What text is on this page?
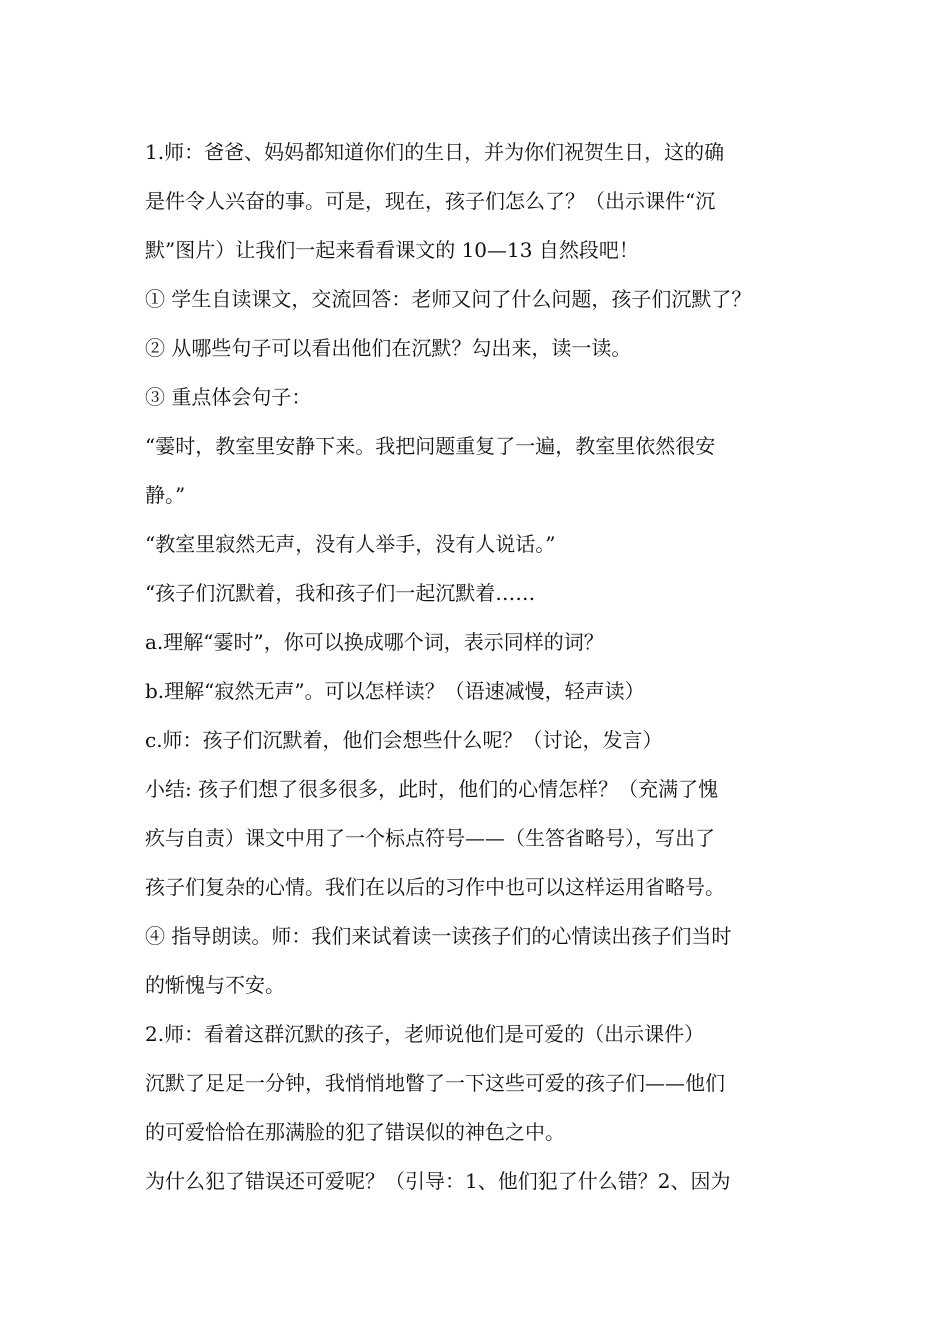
1.师：爸爸、妈妈都知道你们的生日，并为你们祝贺生日，这的确
是件令人兴奋的事。可是，现在，孩子们怎么了？（出示课件“沉
默”图片）让我们一起来看看课文的 10—13 自然段吧！
① 学生自读课文，交流回答：老师又问了什么问题，孩子们沉默了？
② 从哪些句子可以看出他们在沉默？勾出来，读一读。
③ 重点体会句子：
“霎时，教室里安静下来。我把问题重复了一遍，教室里依然很安
静。”
“教室里寂然无声，没有人举手，没有人说话。”
“孩子们沉默着，我和孩子们一起沉默着……
a.理解“霎时”，你可以换成哪个词，表示同样的词？
b.理解“寂然无声”。可以怎样读？（语速减慢，轻声读）
c.师：孩子们沉默着，他们会想些什么呢？（讨论，发言）
小结: 孩子们想了很多很多，此时，他们的心情怎样？（充满了愧
疚与自责）课文中用了一个标点符号——（生答省略号），写出了
孩子们复杂的心情。我们在以后的习作中也可以这样运用省略号。
④ 指导朗读。师：我们来试着读一读孩子们的心情读出孩子们当时
的惭愧与不安。
2.师：看着这群沉默的孩子，老师说他们是可爱的（出示课件）
沉默了足足一分钟，我悄悄地瞥了一下这些可爱的孩子们——他们
的可爱恰恰在那满脸的犯了错误似的神色之中。
为什么犯了错误还可爱呢？（引导：1、他们犯了什么错？2、因为
